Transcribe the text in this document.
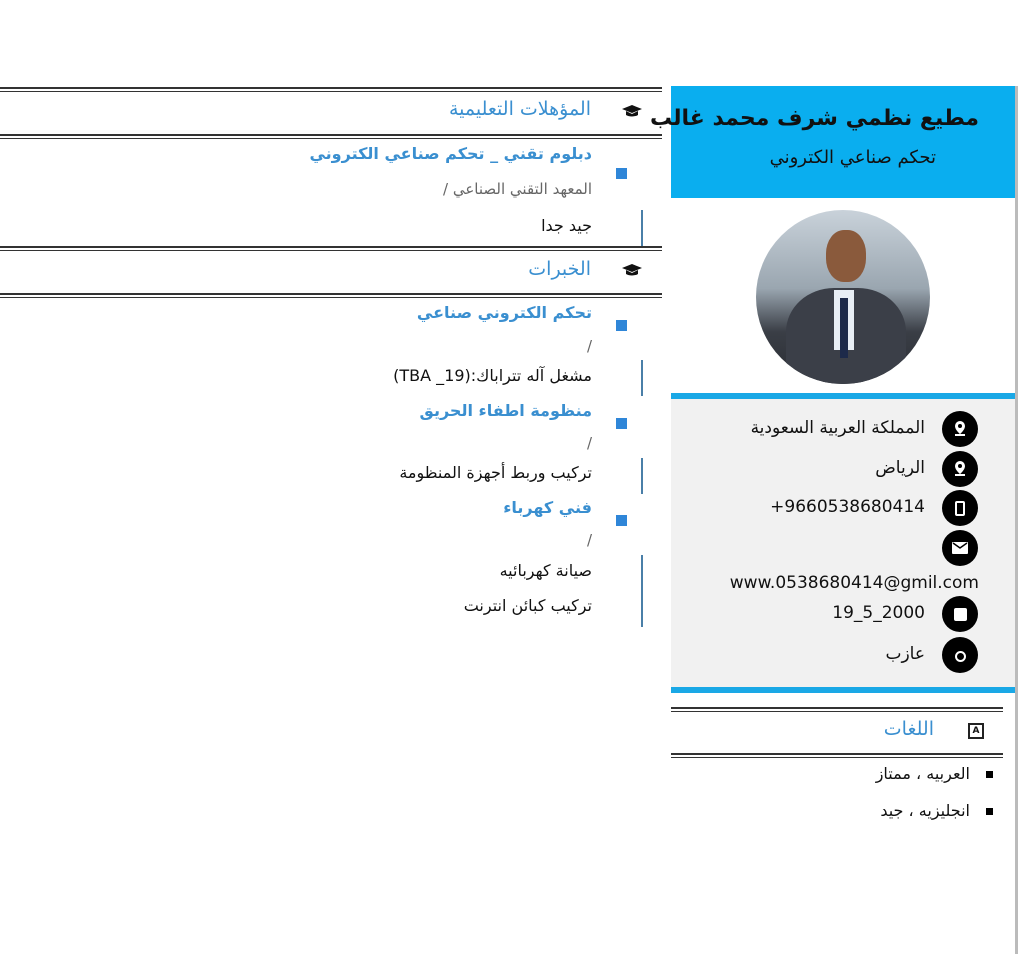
مطيع نظمي شرف محمد غالب
تحكم صناعي الكتروني
المملكة العربية السعودية
الرياض
9660538680414+
www.0538680414@gmil.com
2000_5_19
عازب
A
اللغات
العربيه ، ممتاز
انجليزيه ، جيد
المؤهلات التعليمية
دبلوم تقني _ تحكم صناعي الكتروني
المعهد التقني الصناعي /
جيد جدا
الخبرات
تحكم الكتروني صناعي
/
مشغل آله تتراباك:(19_ TBA)
منظومة اطفاء الحريق
/
تركيب وربط أجهزة المنظومة
فني كهرباء
/
صيانة كهربائيه
تركيب كبائن انترنت
